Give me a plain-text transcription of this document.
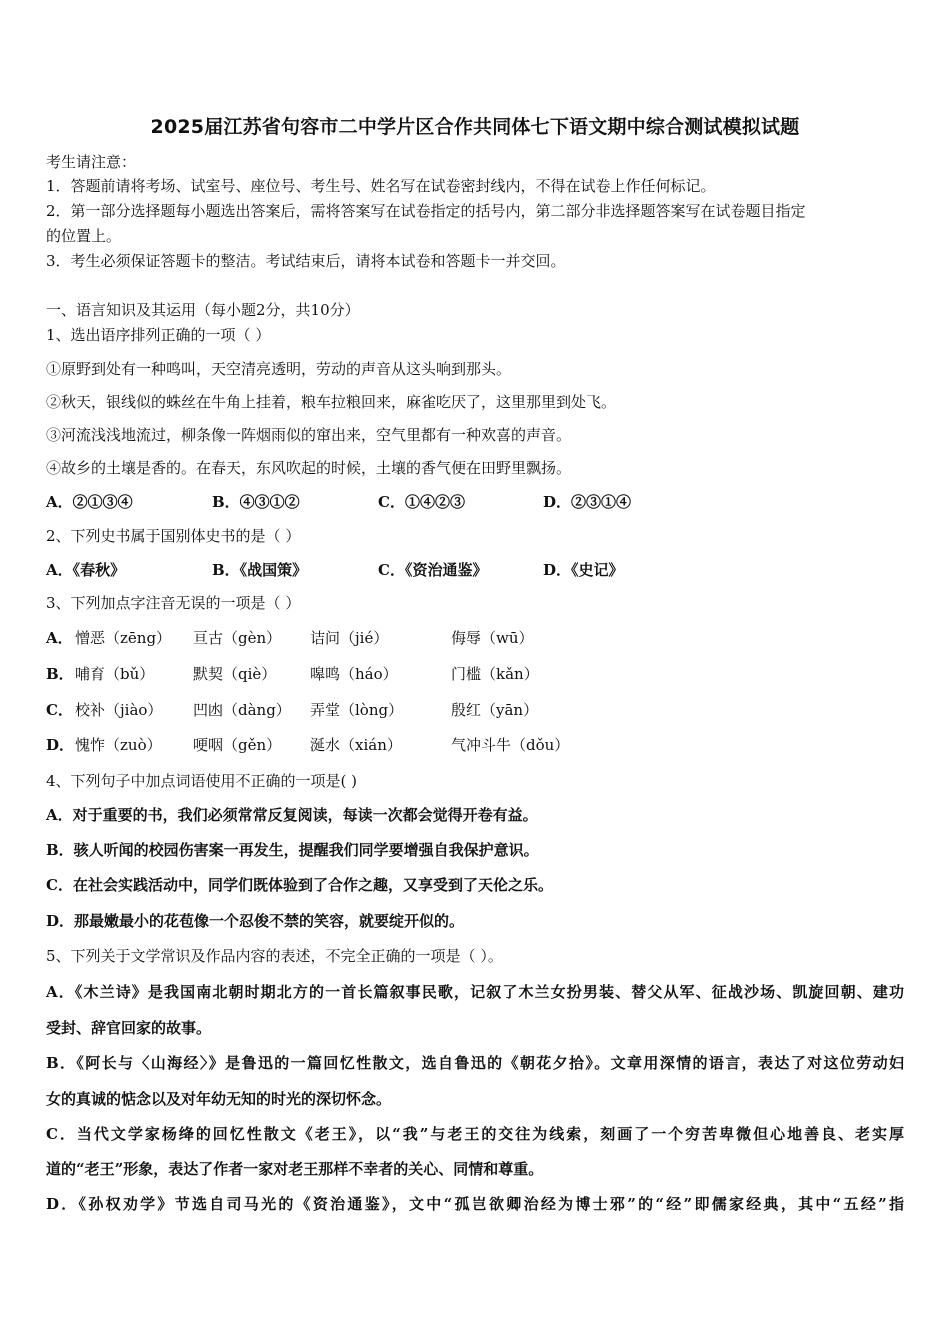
2025届江苏省句容市二中学片区合作共同体七下语文期中综合测试模拟试题
考生请注意：
1．答题前请将考场、试室号、座位号、考生号、姓名写在试卷密封线内，不得在试卷上作任何标记。
2．第一部分选择题每小题选出答案后，需将答案写在试卷指定的括号内，第二部分非选择题答案写在试卷题目指定
的位置上。
3．考生必须保证答题卡的整洁。考试结束后，请将本试卷和答题卡一并交回。
一、语言知识及其运用（每小题2分，共10分）
1、选出语序排列正确的一项（ ）
①原野到处有一种鸣叫，天空清亮透明，劳动的声音从这头响到那头。
②秋天，银线似的蛛丝在牛角上挂着，粮车拉粮回来，麻雀吃厌了，这里那里到处飞。
③河流浅浅地流过，柳条像一阵烟雨似的窜出来，空气里都有一种欢喜的声音。
④故乡的土壤是香的。在春天，东风吹起的时候，土壤的香气便在田野里飘扬。
A．②①③④	B．④③①②	C．①④②③	D．②③①④
2、下列史书属于国别体史书的是（ ）
A．《春秋》	B．《战国策》	C．《资治通鉴》	D．《史记》
3、下列加点字注音无误的一项是（ ）
A． 憎恶（zēng） 亘古（gèn） 诘问（jié）	侮辱（wū）
B． 哺育（bǔ）	默契（qiè） 嗥鸣（háo）	门槛（kǎn）
C． 校补（jiào） 凹凼（dàng） 弄堂（lòng）	殷红（yān）
D． 愧怍（zuò） 哽咽（gěn） 涎水（xián）	气冲斗牛（dǒu）
4、下列句子中加点词语使用不正确的一项是( )
A．对于重要的书，我们必须常常反复阅读，每读一次都会觉得开卷有益。
B．骇人听闻的校园伤害案一再发生，提醒我们同学要增强自我保护意识。
C．在社会实践活动中，同学们既体验到了合作之趣，又享受到了天伦之乐。
D．那最嫩最小的花苞像一个忍俊不禁的笑容，就要绽开似的。
5、下列关于文学常识及作品内容的表述，不完全正确的一项是（ ）。
A．《木兰诗》是我国南北朝时期北方的一首长篇叙事民歌，记叙了木兰女扮男装、替父从军、征战沙场、凯旋回朝、建功
受封、辞官回家的故事。
B．《阿长与〈山海经〉》是鲁迅的一篇回忆性散文，选自鲁迅的《朝花夕拾》。文章用深情的语言，表达了对这位劳动妇
女的真诚的惦念以及对年幼无知的时光的深切怀念。
C．当代文学家杨绛的回忆性散文《老王》，以“我”与老王的交往为线索，刻画了一个穷苦卑微但心地善良、老实厚
道的“老王”形象，表达了作者一家对老王那样不幸者的关心、同情和尊重。
D．《孙权劝学》节选自司马光的《资治通鉴》，文中“孤岂欲卿治经为博士邪”的“经”即儒家经典，其中“五经”指
